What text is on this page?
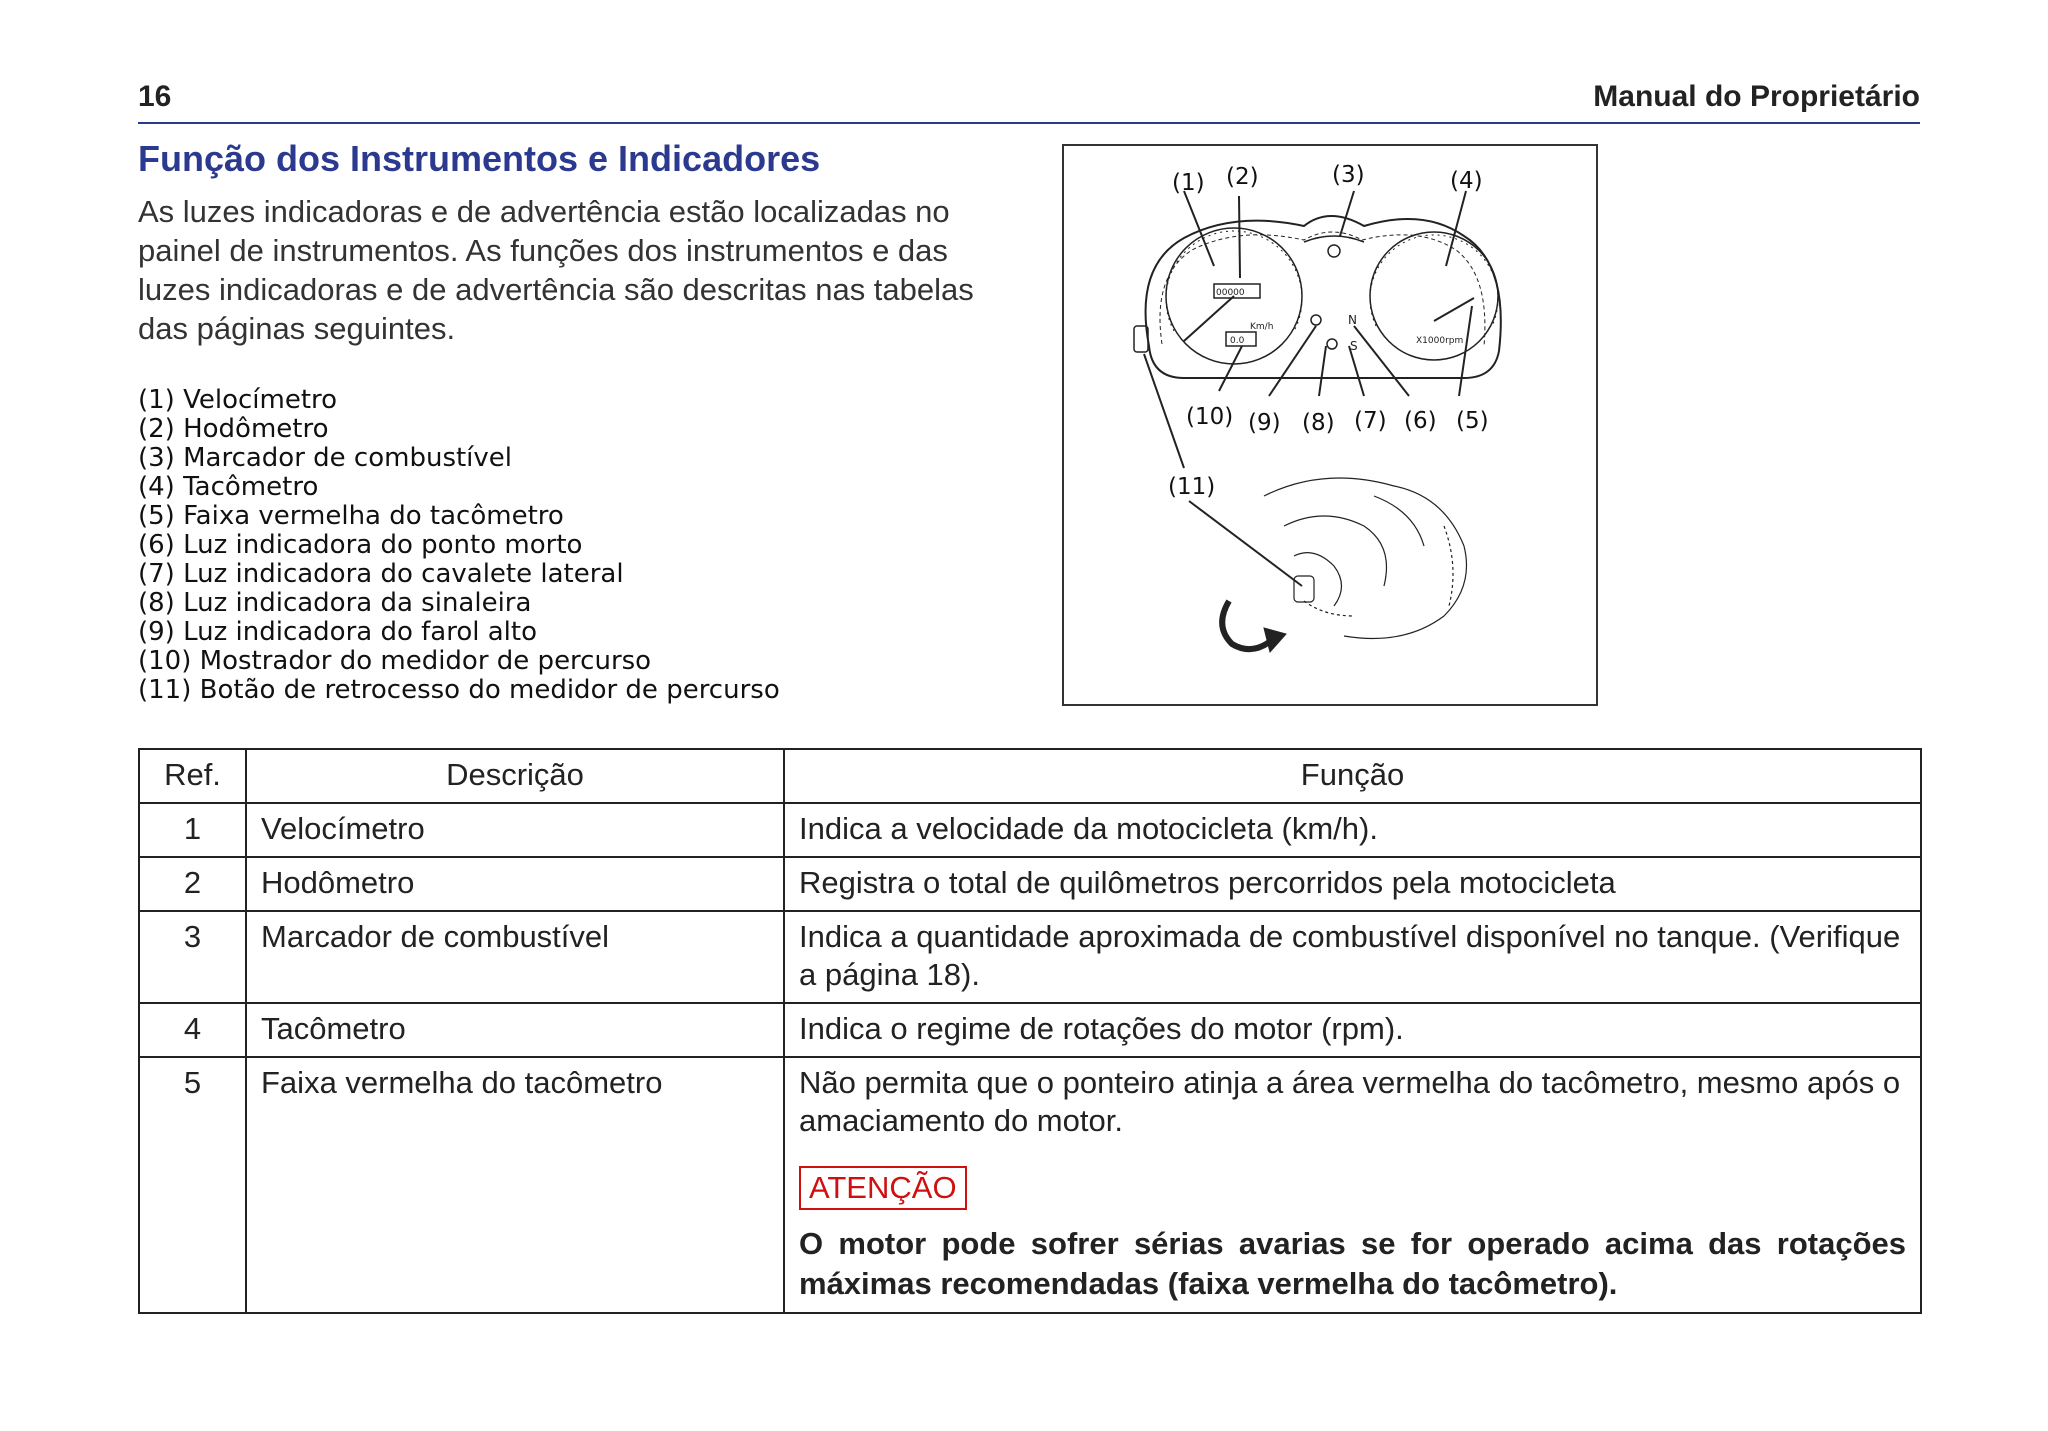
16	Manual do Proprietário
Função dos Instrumentos e Indicadores
As luzes indicadoras e de advertência estão localizadas no painel de instrumentos. As funções dos instrumentos e das luzes indicadoras e de advertência são descritas nas tabelas das páginas seguintes.
(1) Velocímetro
(2) Hodômetro
(3) Marcador de combustível
(4) Tacômetro
(5) Faixa vermelha do tacômetro
(6) Luz indicadora do ponto morto
(7) Luz indicadora do cavalete lateral
(8) Luz indicadora da sinaleira
(9) Luz indicadora do farol alto
(10) Mostrador do medidor de percurso
(11) Botão de retrocesso do medidor de percurso
Km/h
X1000rpm
N
S
00000
0.0
(1) (2)	(3)	(4)
(10) (9) (8) (7) (6) (5)
(11)
Ref.	Descrição	Função
1	Velocímetro	Indica a velocidade da motocicleta (km/h).
2	Hodômetro	Registra o total de quilômetros percorridos pela motocicleta
3	Marcador de combustível	Indica a quantidade aproximada de combustível disponível no tanque. (Verifique a página 18).
4	Tacômetro	Indica o regime de rotações do motor (rpm).
5	Faixa vermelha do tacômetro	Não permita que o ponteiro atinja a área vermelha do tacômetro, mesmo após o amaciamento do motor.
ATENÇÃO
O motor pode sofrer sérias avarias se for operado acima das rotações máximas recomendadas (faixa vermelha do tacômetro).
